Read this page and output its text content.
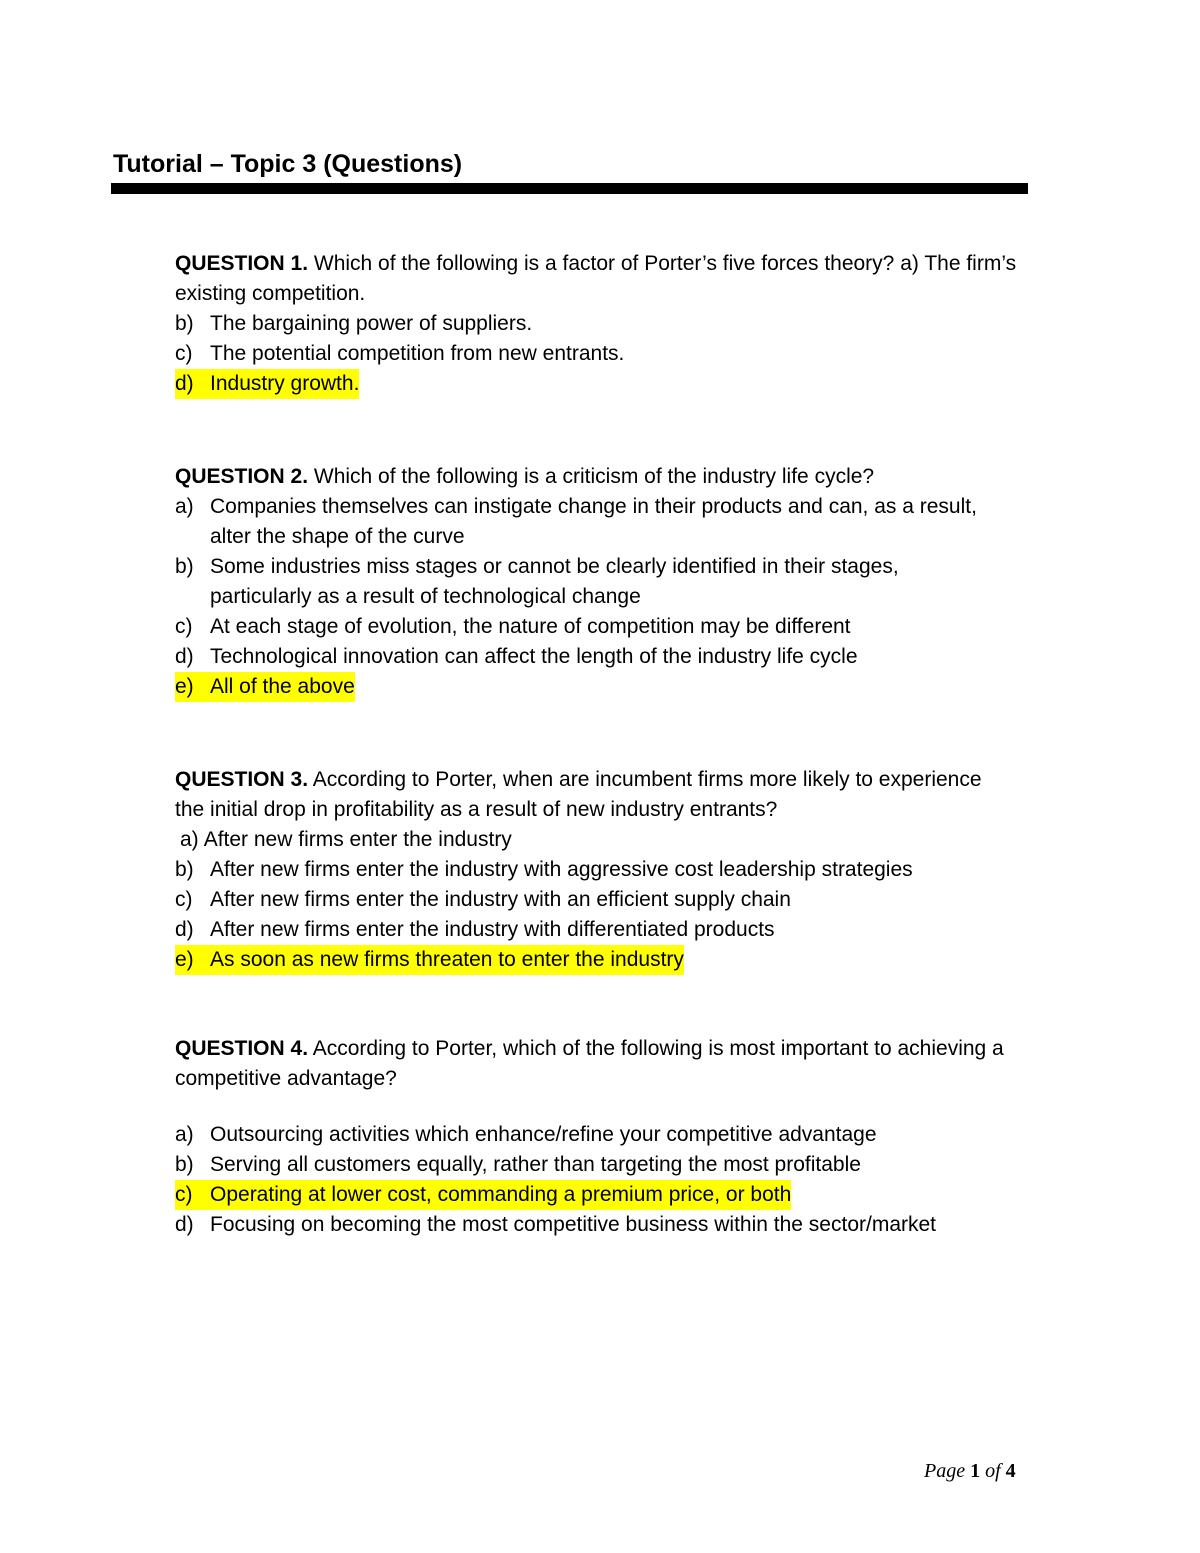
Tutorial – Topic 3 (Questions)

QUESTION 1. Which of the following is a factor of Porter’s five forces theory? a) The firm’s existing competition.

b) The bargaining power of suppliers.
c) The potential competition from new entrants.
d) Industry growth.

QUESTION 2. Which of the following is a criticism of the industry life cycle?

a) Companies themselves can instigate change in their products and can, as a result, alter the shape of the curve
b) Some industries miss stages or cannot be clearly identified in their stages, particularly as a result of technological change
c) At each stage of evolution, the nature of competition may be different
d) Technological innovation can affect the length of the industry life cycle
e) All of the above

QUESTION 3. According to Porter, when are incumbent firms more likely to experience the initial drop in profitability as a result of new industry entrants?

a) After new firms enter the industry
b) After new firms enter the industry with aggressive cost leadership strategies
c) After new firms enter the industry with an efficient supply chain
d) After new firms enter the industry with differentiated products
e) As soon as new firms threaten to enter the industry

QUESTION 4. According to Porter, which of the following is most important to achieving a competitive advantage?

a) Outsourcing activities which enhance/refine your competitive advantage
b) Serving all customers equally, rather than targeting the most profitable
c) Operating at lower cost, commanding a premium price, or both
d) Focusing on becoming the most competitive business within the sector/market
Page 1 of 4
